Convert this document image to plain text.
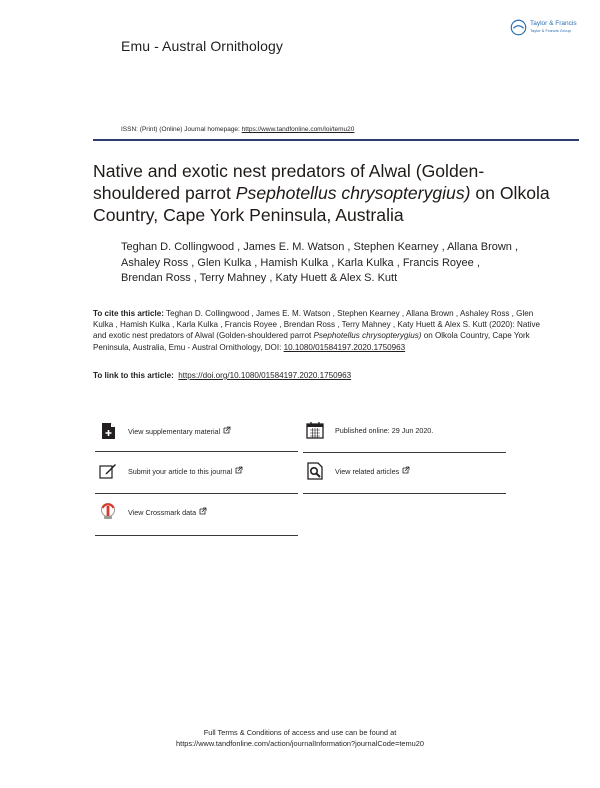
Taylor & Francis
Taylor & Francis Group
Emu - Austral Ornithology
ISSN: (Print) (Online) Journal homepage: https://www.tandfonline.com/loi/temu20
Native and exotic nest predators of Alwal (Golden-shouldered parrot Psephotellus chrysopterygius) on Olkola Country, Cape York Peninsula, Australia
Teghan D. Collingwood , James E. M. Watson , Stephen Kearney , Allana Brown , Ashaley Ross , Glen Kulka , Hamish Kulka , Karla Kulka , Francis Royee , Brendan Ross , Terry Mahney , Katy Huett & Alex S. Kutt
To cite this article: Teghan D. Collingwood , James E. M. Watson , Stephen Kearney , Allana Brown , Ashaley Ross , Glen Kulka , Hamish Kulka , Karla Kulka , Francis Royee , Brendan Ross , Terry Mahney , Katy Huett & Alex S. Kutt (2020): Native and exotic nest predators of Alwal (Golden-shouldered parrot Psephotellus chrysopterygius) on Olkola Country, Cape York Peninsula, Australia, Emu - Austral Ornithology, DOI: 10.1080/01584197.2020.1750963
To link to this article: https://doi.org/10.1080/01584197.2020.1750963
View supplementary material
Submit your article to this journal
View Crossmark data
Published online: 29 Jun 2020.
View related articles
Full Terms & Conditions of access and use can be found at
https://www.tandfonline.com/action/journalInformation?journalCode=temu20
